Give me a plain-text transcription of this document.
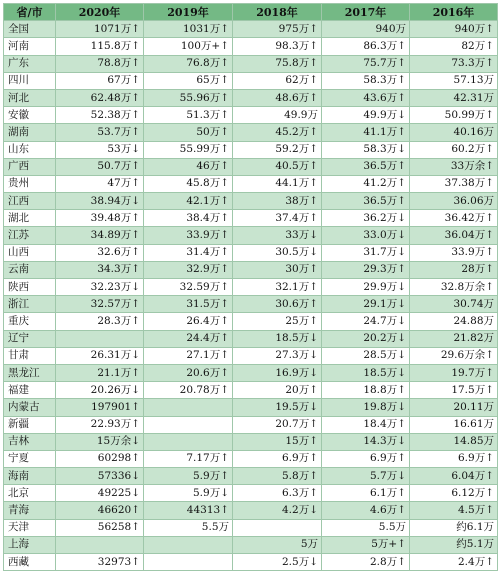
省/市	2020年	2019年	2018年	2017年	2016年
全国	1071万↑	1031万↑	975万↑	940万	940万↑
河南	115.8万↑	100万+↑	98.3万↑	86.3万↑	82万↑
广东	78.8万↑	76.8万↑	75.8万↑	75.7万↑	73.3万↑
四川	67万↑	65万↑	62万↑	58.3万↑	57.13万
河北	62.48万↑	55.96万↑	48.6万↑	43.6万↑	42.31万
安徽	52.38万↑	51.3万↑	49.9万	49.9万↓	50.99万↑
湖南	53.7万↑	50万↑	45.2万↑	41.1万↑	40.16万
山东	53万↓	55.99万↑	59.2万↑	58.3万↓	60.2万↑
广西	50.7万↑	46万↑	40.5万↑	36.5万↑	33万余↑
贵州	47万↑	45.8万↑	44.1万↑	41.2万↑	37.38万↑
江西	38.94万↓	42.1万↑	38万↑	36.5万↑	36.06万
湖北	39.48万↑	38.4万↑	37.4万↑	36.2万↓	36.42万↑
江苏	34.89万↑	33.9万↑	33万↓	33.0万↓	36.04万↑
山西	32.6万↑	31.4万↑	30.5万↓	31.7万↓	33.9万↑
云南	34.3万↑	32.9万↑	30万↑	29.3万↑	28万↑
陕西	32.23万↓	32.59万↑	32.1万↑	29.9万↓	32.8万余↑
浙江	32.57万↑	31.5万↑	30.6万↑	29.1万↓	30.74万
重庆	28.3万↑	26.4万↑	25万↑	24.7万↓	24.88万
辽宁		24.4万↑	18.5万↓	20.2万↓	21.82万
甘肃	26.31万↓	27.1万↑	27.3万↓	28.5万↓	29.6万余↑
黑龙江	21.1万↑	20.6万↑	16.9万↓	18.5万↓	19.7万↑
福建	20.26万↓	20.78万↑	20万↑	18.8万↑	17.5万↑
内蒙古	197901↑		19.5万↓	19.8万↓	20.11万
新疆	22.93万↑		20.7万↑	18.4万↑	16.61万
吉林	15万余↓		15万↑	14.3万↓	14.85万
宁夏	60298↑	7.17万↑	6.9万↑	6.9万↑	6.9万↑
海南	57336↓	5.9万↑	5.8万↑	5.7万↓	6.04万↑
北京	49225↓	5.9万↓	6.3万↑	6.1万↑	6.12万↑
青海	46620↑	44313↑	4.2万↓	4.6万↑	4.5万↑
天津	56258↑	5.5万		5.5万	约6.1万
上海			5万	5万+↑	约5.1万
西藏	32973↑		2.5万↓	2.8万↑	2.4万↑
